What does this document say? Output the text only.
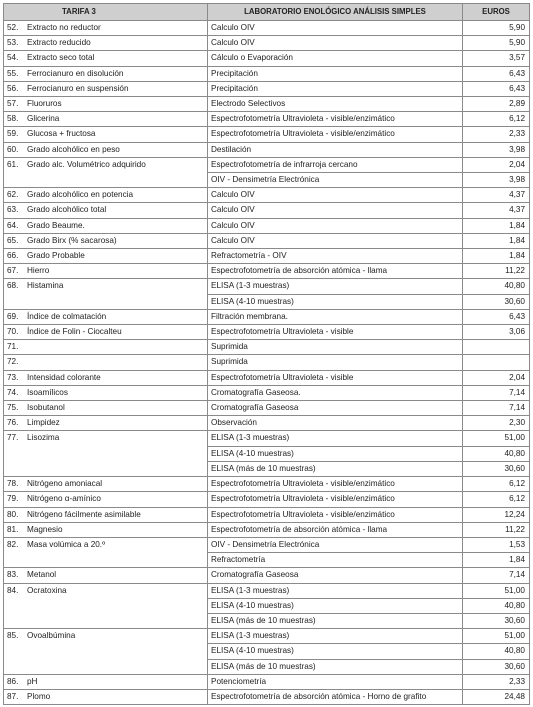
TARIFA 3	LABORATORIO ENOLÓGICO ANÁLISIS SIMPLES	EUROS
52. Extracto no reductor	Calculo OIV	5,90
53. Extracto reducido	Calculo OIV	5,90
54. Extracto seco total	Cálculo o Evaporación	3,57
55. Ferrocianuro en disolución	Precipitación	6,43
56. Ferrocianuro en suspensión	Precipitación	6,43
57. Fluoruros	Electrodo Selectivos	2,89
58. Glicerina	Espectrofotometría Ultravioleta - visible/enzimático	6,12
59. Glucosa + fructosa	Espectrofotometría Ultravioleta - visible/enzimático	2,33
60. Grado alcohólico en peso	Destilación	3,98
61. Grado alc. Volumétrico adquirido	Espectrofotometría de infrarroja cercano	2,04
	OIV - Densimetría Electrónica	3,98
62. Grado alcohólico en potencia	Calculo OIV	4,37
63. Grado alcohólico total	Calculo OIV	4,37
64. Grado Beaume.	Calculo OIV	1,84
65. Grado Birx (% sacarosa)	Calculo OIV	1,84
66. Grado Probable	Refractometría - OIV	1,84
67. Hierro	Espectrofotometría de absorción atómica - llama	11,22
68. Histamina	ELISA (1-3 muestras)	40,80
	ELISA (4-10 muestras)	30,60
69. Índice de colmatación	Filtración membrana.	6,43
70. Índice de Folin - Ciocalteu	Espectrofotometría Ultravioleta - visible	3,06
71.	Suprimida	
72.	Suprimida	
73. Intensidad colorante	Espectrofotometría Ultravioleta - visible	2,04
74. Isoamílicos	Cromatografía Gaseosa.	7,14
75. Isobutanol	Cromatografía Gaseosa	7,14
76. Limpidez	Observación	2,30
77. Lisozima	ELISA (1-3 muestras)	51,00
	ELISA (4-10 muestras)	40,80
	ELISA (más de 10 muestras)	30,60
78. Nitrógeno amoniacal	Espectrofotometría Ultravioleta - visible/enzimático	6,12
79. Nitrógeno α-amínico	Espectrofotometría Ultravioleta - visible/enzimático	6,12
80. Nitrógeno fácilmente asimilable	Espectrofotometría Ultravioleta - visible/enzimático	12,24
81. Magnesio	Espectrofotometría de absorción atómica - llama	11,22
82. Masa volúmica a 20.º	OIV - Densimetría Electrónica	1,53
	Refractometría	1,84
83. Metanol	Cromatografía Gaseosa	7,14
84. Ocratoxina	ELISA (1-3 muestras)	51,00
	ELISA (4-10 muestras)	40,80
	ELISA (más de 10 muestras)	30,60
85. Ovoalbúmina	ELISA (1-3 muestras)	51,00
	ELISA (4-10 muestras)	40,80
	ELISA (más de 10 muestras)	30,60
86. pH	Potenciometría	2,33
87. Plomo	Espectrofotometría de absorción atómica - Horno de grafito	24,48
